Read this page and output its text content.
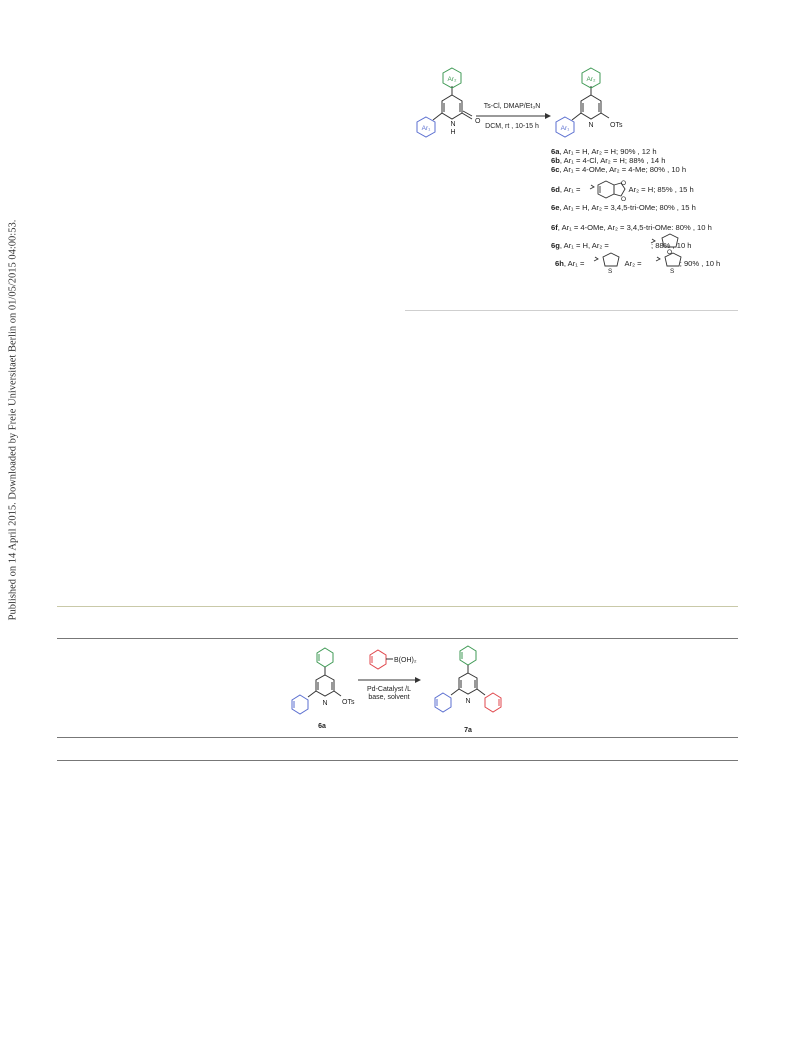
Published on 14 April 2015. Downloaded by Freie Universitaet Berlin on 01/05/2015 04:00:53.
Ar₂
Ar₁
N
H
O
Ts-Cl, DMAP/Et₃N
DCM, rt , 10-15 h
Ar₂
Ar₁	N OTs
6a, Ar₁ = H, Ar₂ = H; 90% , 12 h
6b, Ar₁ = 4-Cl, Ar₂ = H; 88% , 14 h
6c, Ar₁ = 4-OMe, Ar₂ = 4-Me; 80% , 10 h
6d, Ar₁ =	Ar₂ = H; 85% , 15 h
O
O
6e, Ar₁ = H, Ar₂ = 3,4,5-tri-OMe; 80% , 15 h
6f, Ar₁ = 4-OMe, Ar₂ = 3,4,5-tri-OMe: 80% , 10 h
6g, Ar₁ = H, Ar₂ =	; 88% , 10 h
O
6h, Ar₁ =	Ar₂ =	; 90% , 10 h
S	S
N OTs
6a
B(OH)₂
Pd-Catalyst /L
base, solvent
N
7a
